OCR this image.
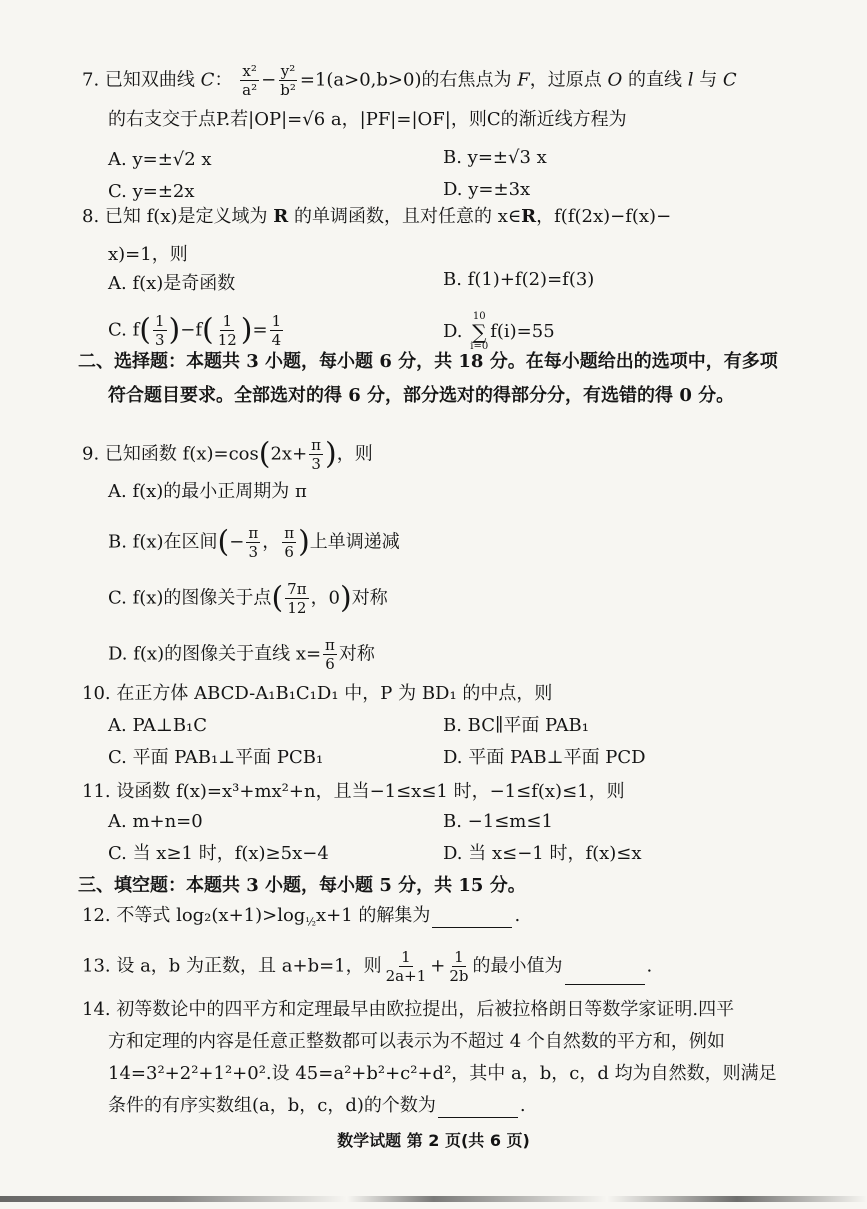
7. 已知双曲线 C： $\frac{\text{x²}}{\text{a²}} - \frac{\text{y²}}{\text{b²}} =1(a>0,b>0)$的右焦点为 F，过原点 O 的直线 l 与 C
的右支交于点P.若|OP|=√6 a，|PF|=|OF|，则C的渐近线方程为
A. y=±√2 x	B. y=±√3 x
C. y=±2x	D. y=±3x
8. 已知 f(x)是定义域为 R 的单调函数，且对任意的 x∈R，f(f(2x)−f(x)−
x)=1，则
A. f(x)是奇函数	B. f(1)+f(2)=f(3)
C. $f( \frac{1}{3} )-f( \frac{1}{12}$ )= $\frac{1}{4}$	D.
10
∑
i=0
f(i)=55
二、选择题：本题共 3 小题，每小题 6 分，共 18 分。在每小题给出的选项中，有多项
符合题目要求。全部选对的得 6 分，部分选对的得部分分，有选错的得 0 分。
9. 已知函数 $f(x)=\cos(2x+ \frac{\pi}{3}$ )，则
A. f(x)的最小正周期为 π
B. f(x)在区间(− $\frac{\pi}{3}$ ， $\frac{\pi}{6}$ )上单调递减
C. f(x)的图像关于点( $\frac{7\pi}{12}$ ，0)对称
D. f(x)的图像关于直线 $x= \frac{\pi}{6}$ 对称
10. 在正方体 ABCD-A₁B₁C₁D₁ 中，P 为 BD₁ 的中点，则
A. PA⊥B₁C	B. BC∥平面 PAB₁
C. 平面 PAB₁⊥平面 PCB₁	D. 平面 PAB⊥平面 PCD
11. 设函数 f(x)=x³+mx²+n，且当−1≤x≤1 时，−1≤f(x)≤1，则
A. m+n=0	B. −1≤m≤1
C. 当 x≥1 时，f(x)≥5x−4	D. 当 x≤−1 时，f(x)≤x
三、填空题：本题共 3 小题，每小题 5 分，共 15 分。
12. 不等式 $\log_2(x+1)>\log_{\frac{1}{2}}x+1$ 的解集为	.
13. 设 a，b 为正数，且 a+b=1，则 $\frac{1}{2a+1} + \frac{1}{2b}$ 的最小值为	.
14. 初等数论中的四平方和定理最早由欧拉提出，后被拉格朗日等数学家证明.四平
方和定理的内容是任意正整数都可以表示为不超过 4 个自然数的平方和，例如
14=3²+2²+1²+0².设 45=a²+b²+c²+d²，其中 a，b，c，d 均为自然数，则满足
条件的有序实数组(a，b，c，d)的个数为	.
数学试题 第 2 页(共 6 页)
